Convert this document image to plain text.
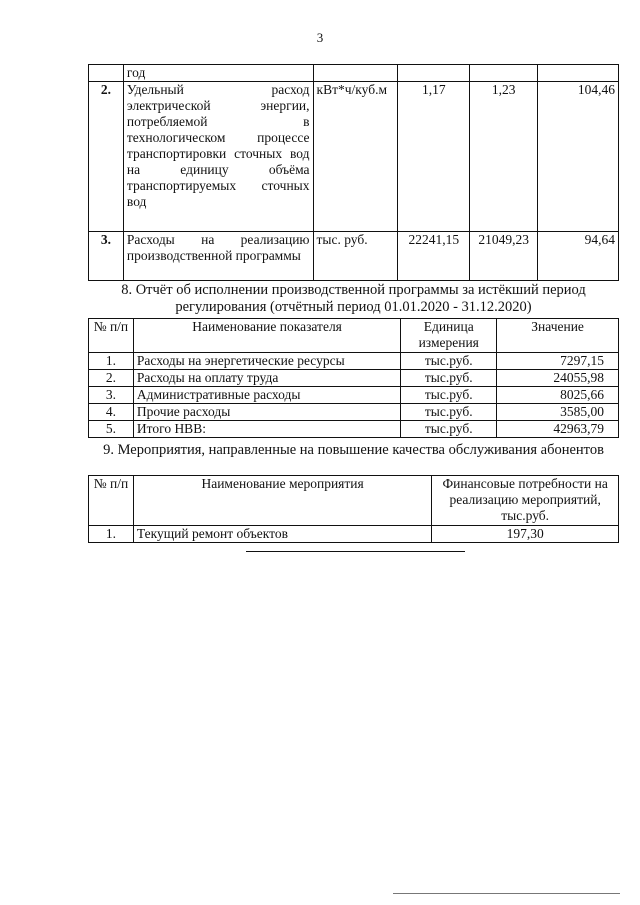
3
	год				
2.	Удельный расход электрической энергии, потребляемой в технологическом процессе транспортировки сточных вод на единицу объёма транспортируемых сточных вод	кВт*ч/куб.м	1,17	1,23	104,46
3.	Расходы на реализацию производственной программы	тыс. руб.	22241,15	21049,23	94,64
8. Отчёт об исполнении производственной программы за истёкший период регулирования (отчётный период 01.01.2020 - 31.12.2020)
№ п/п	Наименование показателя	Единица измерения	Значение
1.	Расходы на энергетические ресурсы	тыс.руб.	7297,15
2.	Расходы на оплату труда	тыс.руб.	24055,98
3.	Административные расходы	тыс.руб.	8025,66
4.	Прочие расходы	тыс.руб.	3585,00
5.	Итого НВВ:	тыс.руб.	42963,79
9. Мероприятия, направленные на повышение качества обслуживания абонентов
№ п/п	Наименование мероприятия	Финансовые потребности на реализацию мероприятий, тыс.руб.
1.	Текущий ремонт объектов	197,30
